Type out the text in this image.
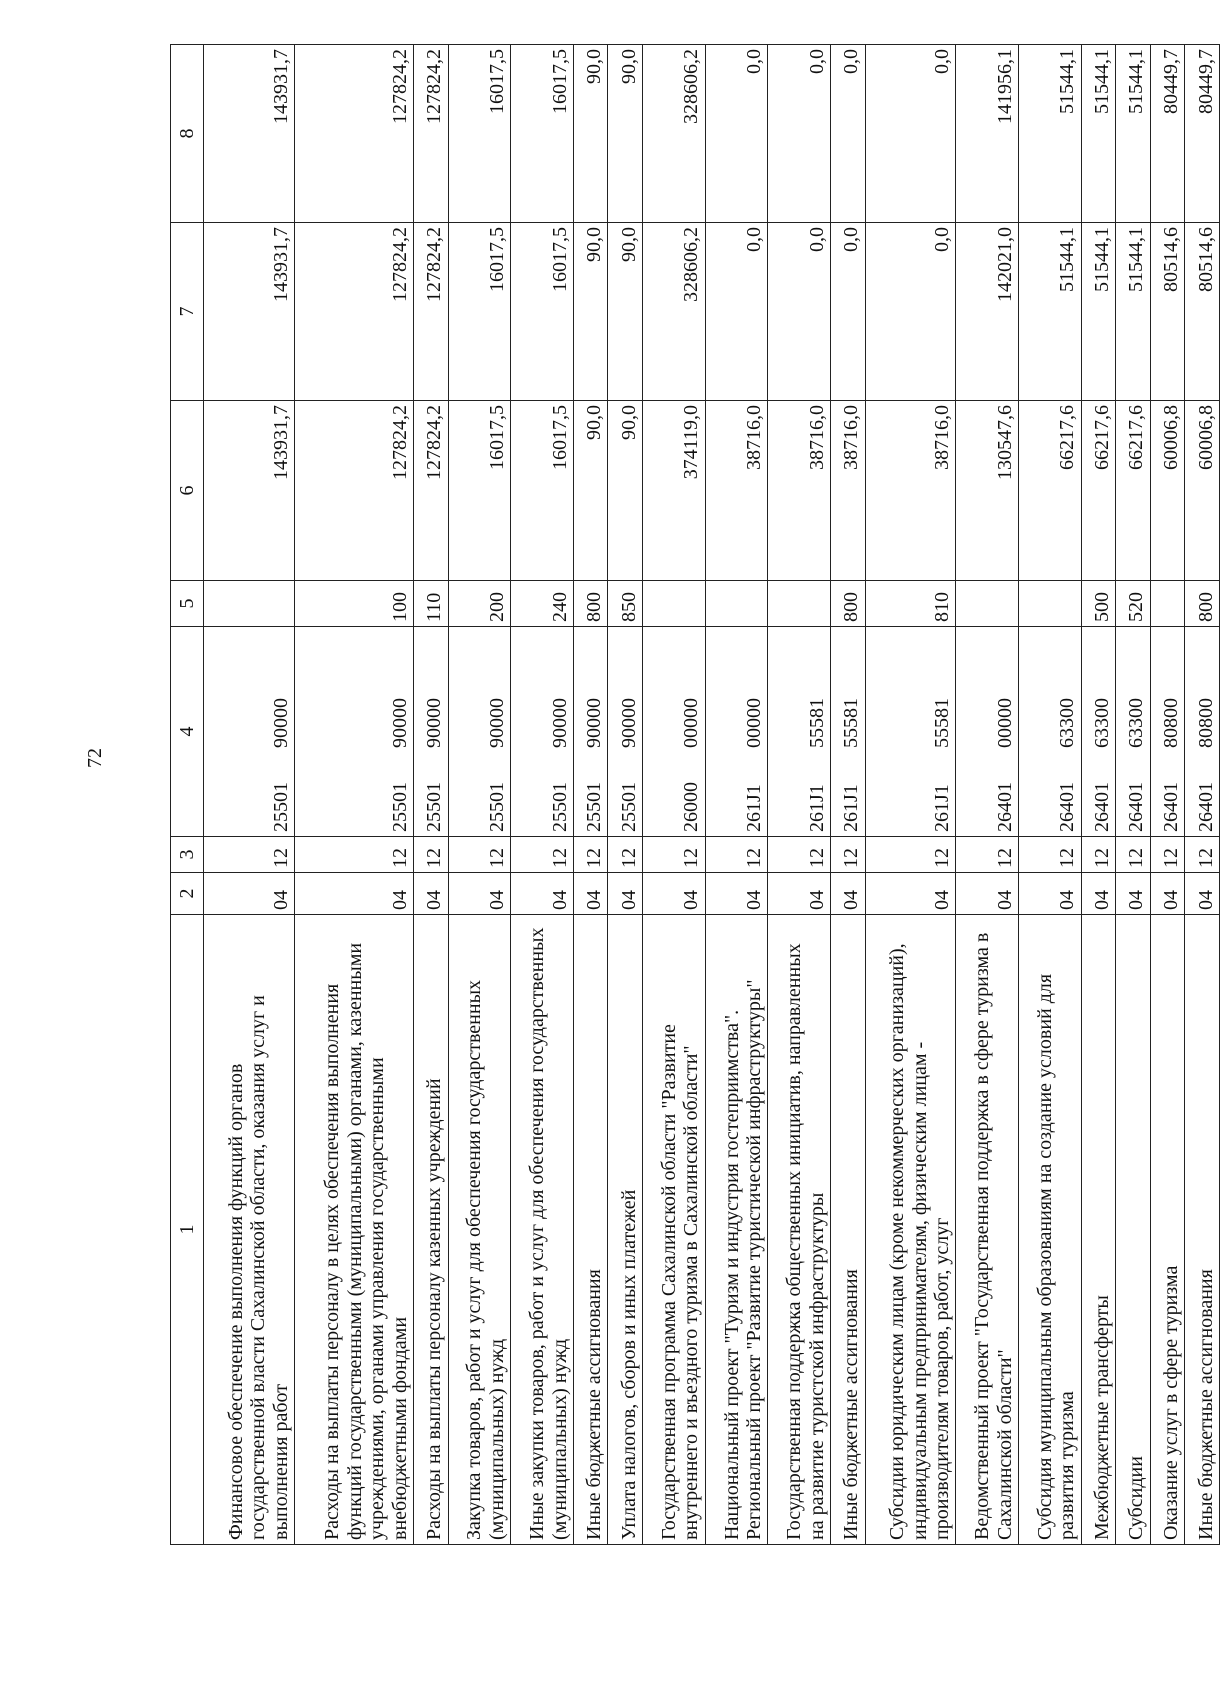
72
1	2	3	4	5	6	7	8
Финансовое обеспечение выполнения функций органов государственной власти Сахалинской области, оказания услуг и выполнения работ	04	12	2550190000		143931,7	143931,7	143931,7
Расходы на выплаты персоналу в целях обеспечения выполнения функций государственными (муниципальными) органами, казенными учреждениями, органами управления государственными внебюджетными фондами	04	12	2550190000	100	127824,2	127824,2	127824,2
Расходы на выплаты персоналу казенных учреждений	04	12	2550190000	110	127824,2	127824,2	127824,2
Закупка товаров, работ и услуг для обеспечения государственных (муниципальных) нужд	04	12	2550190000	200	16017,5	16017,5	16017,5
Иные закупки товаров, работ и услуг для обеспечения государственных (муниципальных) нужд	04	12	2550190000	240	16017,5	16017,5	16017,5
Иные бюджетные ассигнования	04	12	2550190000	800	90,0	90,0	90,0
Уплата налогов, сборов и иных платежей	04	12	2550190000	850	90,0	90,0	90,0
Государственная программа Сахалинской области "Развитие внутреннего и въездного туризма в Сахалинской области"	04	12	2600000000		374119,0	328606,2	328606,2
Национальный проект "Туризм и индустрия гостеприимства". Региональный проект "Развитие туристической инфраструктуры"	04	12	261J100000		38716,0	0,0	0,0
Государственная поддержка общественных инициатив, направленных на развитие туристской инфраструктуры	04	12	261J155581		38716,0	0,0	0,0
Иные бюджетные ассигнования	04	12	261J155581	800	38716,0	0,0	0,0
Субсидии юридическим лицам (кроме некоммерческих организаций), индивидуальным предпринимателям, физическим лицам - производителям товаров, работ, услуг	04	12	261J155581	810	38716,0	0,0	0,0
Ведомственный проект "Государственная поддержка в сфере туризма в Сахалинской области"	04	12	2640100000		130547,6	142021,0	141956,1
Субсидия муниципальным образованиям на создание условий для развития туризма	04	12	2640163300		66217,6	51544,1	51544,1
Межбюджетные трансферты	04	12	2640163300	500	66217,6	51544,1	51544,1
Субсидии	04	12	2640163300	520	66217,6	51544,1	51544,1
Оказание услуг в сфере туризма	04	12	2640180800		60006,8	80514,6	80449,7
Иные бюджетные ассигнования	04	12	2640180800	800	60006,8	80514,6	80449,7
